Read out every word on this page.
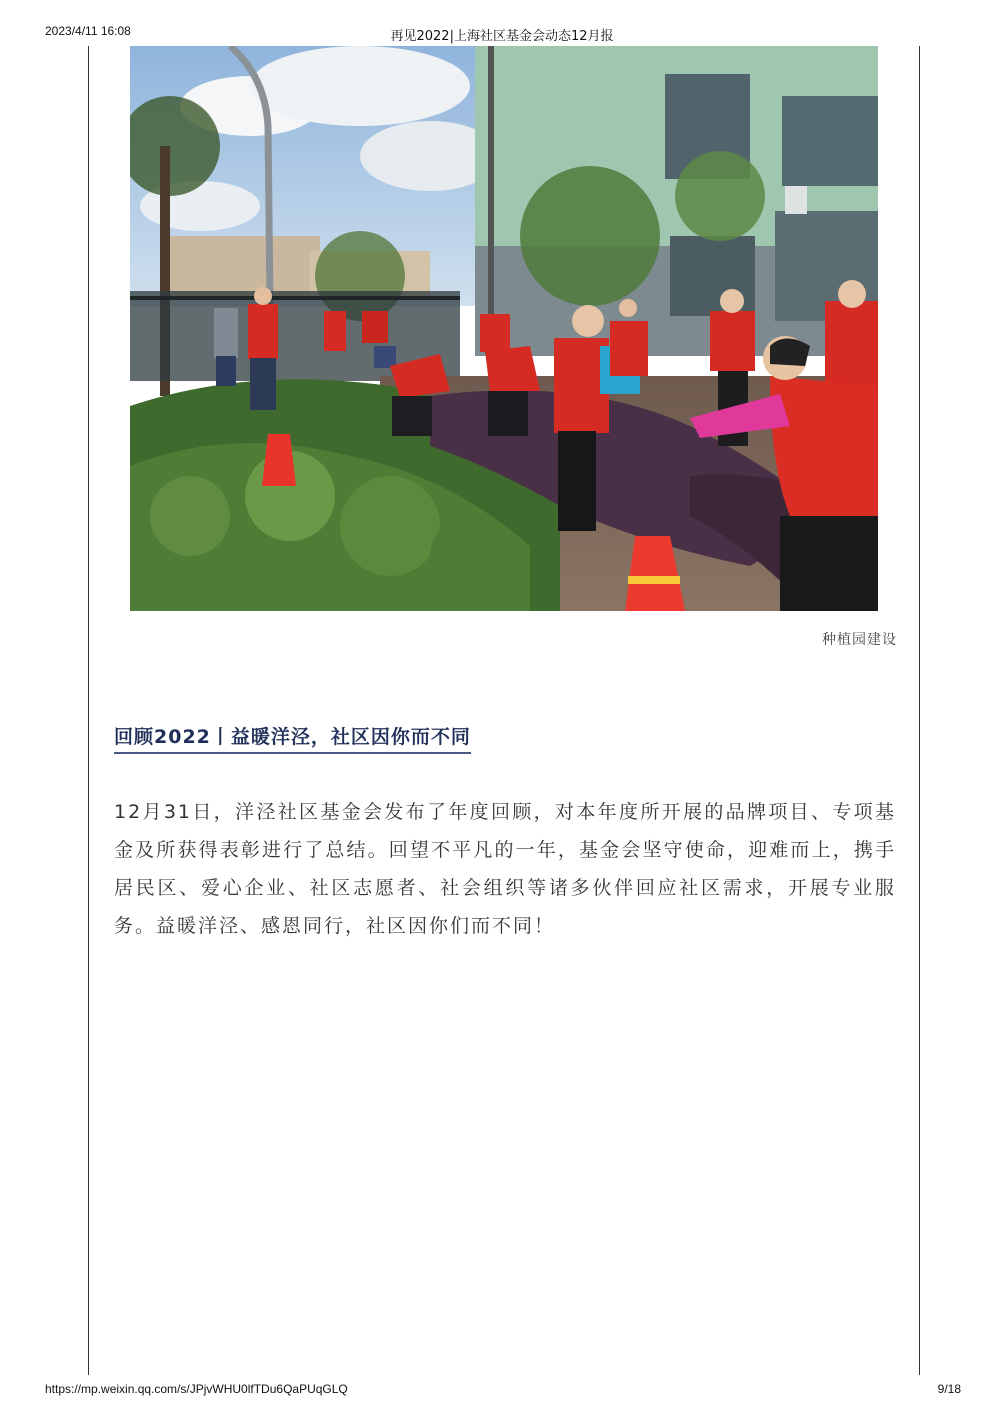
2023/4/11 16:08	再见2022|上海社区基金会动态12月报
种植园建设
回顾2022丨益暖洋泾，社区因你而不同

12月31日，洋泾社区基金会发布了年度回顾，对本年度所开展的品牌项目、专项基金及所获得表彰进行了总结。回望不平凡的一年，基金会坚守使命，迎难而上，携手居民区、爱心企业、社区志愿者、社会组织等诸多伙伴回应社区需求，开展专业服务。益暖洋泾、感恩同行，社区因你们而不同！

https://mp.weixin.qq.com/s/JPjvWHU0lfTDu6QaPUqGLQ	9/18
